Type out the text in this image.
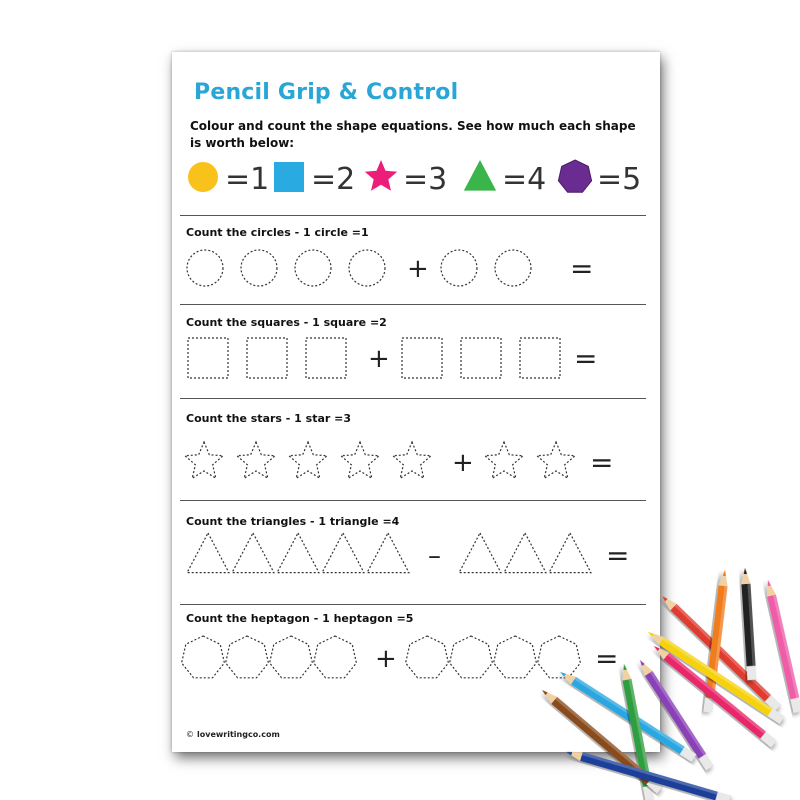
Pencil Grip & Control

Colour and count the shape equations. See how much each shape is worth below:

=1 =2 =3 =4 =5
+	=
+	=
+	=
–	=
+	=
Count the circles - 1 circle =1
Count the squares - 1 square =2
Count the stars - 1 star =3
Count the triangles - 1 triangle =4
Count the heptagon - 1 heptagon =5
© lovewritingco.com
